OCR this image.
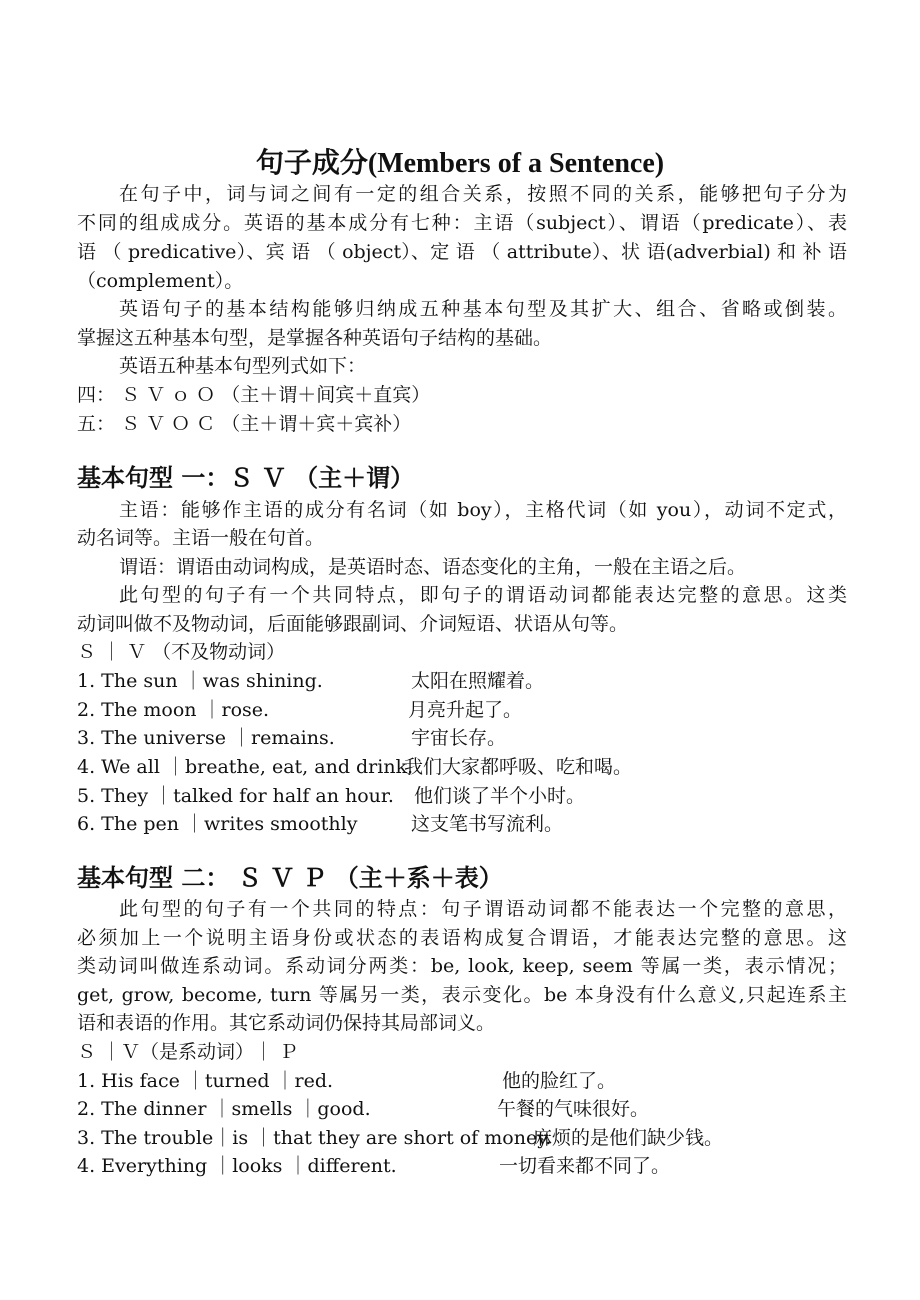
句子成分(Members of a Sentence)
在句子中，词与词之间有一定的组合关系，按照不同的关系，能够把句子分为
不同的组成成分。英语的基本成分有七种：主语（subject）、谓语（predicate）、表
语 （ predicative）、宾 语 （ object）、定 语 （ attribute）、状 语(adverbial) 和 补 语
（complement）。
英语句子的基本结构能够归纳成五种基本句型及其扩大、组合、省略或倒装。
掌握这五种基本句型，是掌握各种英语句子结构的基础。
英语五种基本句型列式如下：
四： Ｓ Ｖ ｏ Ｏ （主＋谓＋间宾＋直宾）
五： Ｓ Ｖ Ｏ Ｃ （主＋谓＋宾＋宾补）
基本句型 一：Ｓ Ｖ （主＋谓）
主语：能够作主语的成分有名词（如 boy），主格代词（如 you），动词不定式，
动名词等。主语一般在句首。
谓语：谓语由动词构成，是英语时态、语态变化的主角，一般在主语之后。
此句型的句子有一个共同特点，即句子的谓语动词都能表达完整的意思。这类
动词叫做不及物动词，后面能够跟副词、介词短语、状语从句等。
Ｓ ｜ Ｖ （不及物动词）
1. The sun ｜was shining.	太阳在照耀着。
2. The moon ｜rose.	月亮升起了。
3. The universe ｜remains.	宇宙长存。
4. We all ｜breathe, eat, and drink.
我们大家都呼吸、吃和喝。
5. They ｜talked for half an hour. 他们谈了半个小时。
6. The pen ｜writes smoothly	这支笔书写流利。
基本句型 二： Ｓ Ｖ Ｐ （主＋系＋表）
此句型的句子有一个共同的特点：句子谓语动词都不能表达一个完整的意思，
必须加上一个说明主语身份或状态的表语构成复合谓语，才能表达完整的意思。这
类动词叫做连系动词。系动词分两类：be, look, keep, seem 等属一类，表示情况；
get, grow, become, turn 等属另一类，表示变化。be 本身没有什么意义,只起连系主
语和表语的作用。其它系动词仍保持其局部词义。
Ｓ ｜Ｖ（是系动词）｜ Ｐ
1. His face ｜turned ｜red.	他的脸红了。
2. The dinner ｜smells ｜good.	午餐的气味很好。
3. The trouble｜is ｜that they are short of money.
麻烦的是他们缺少钱。
4. Everything ｜looks ｜different.	一切看来都不同了。
